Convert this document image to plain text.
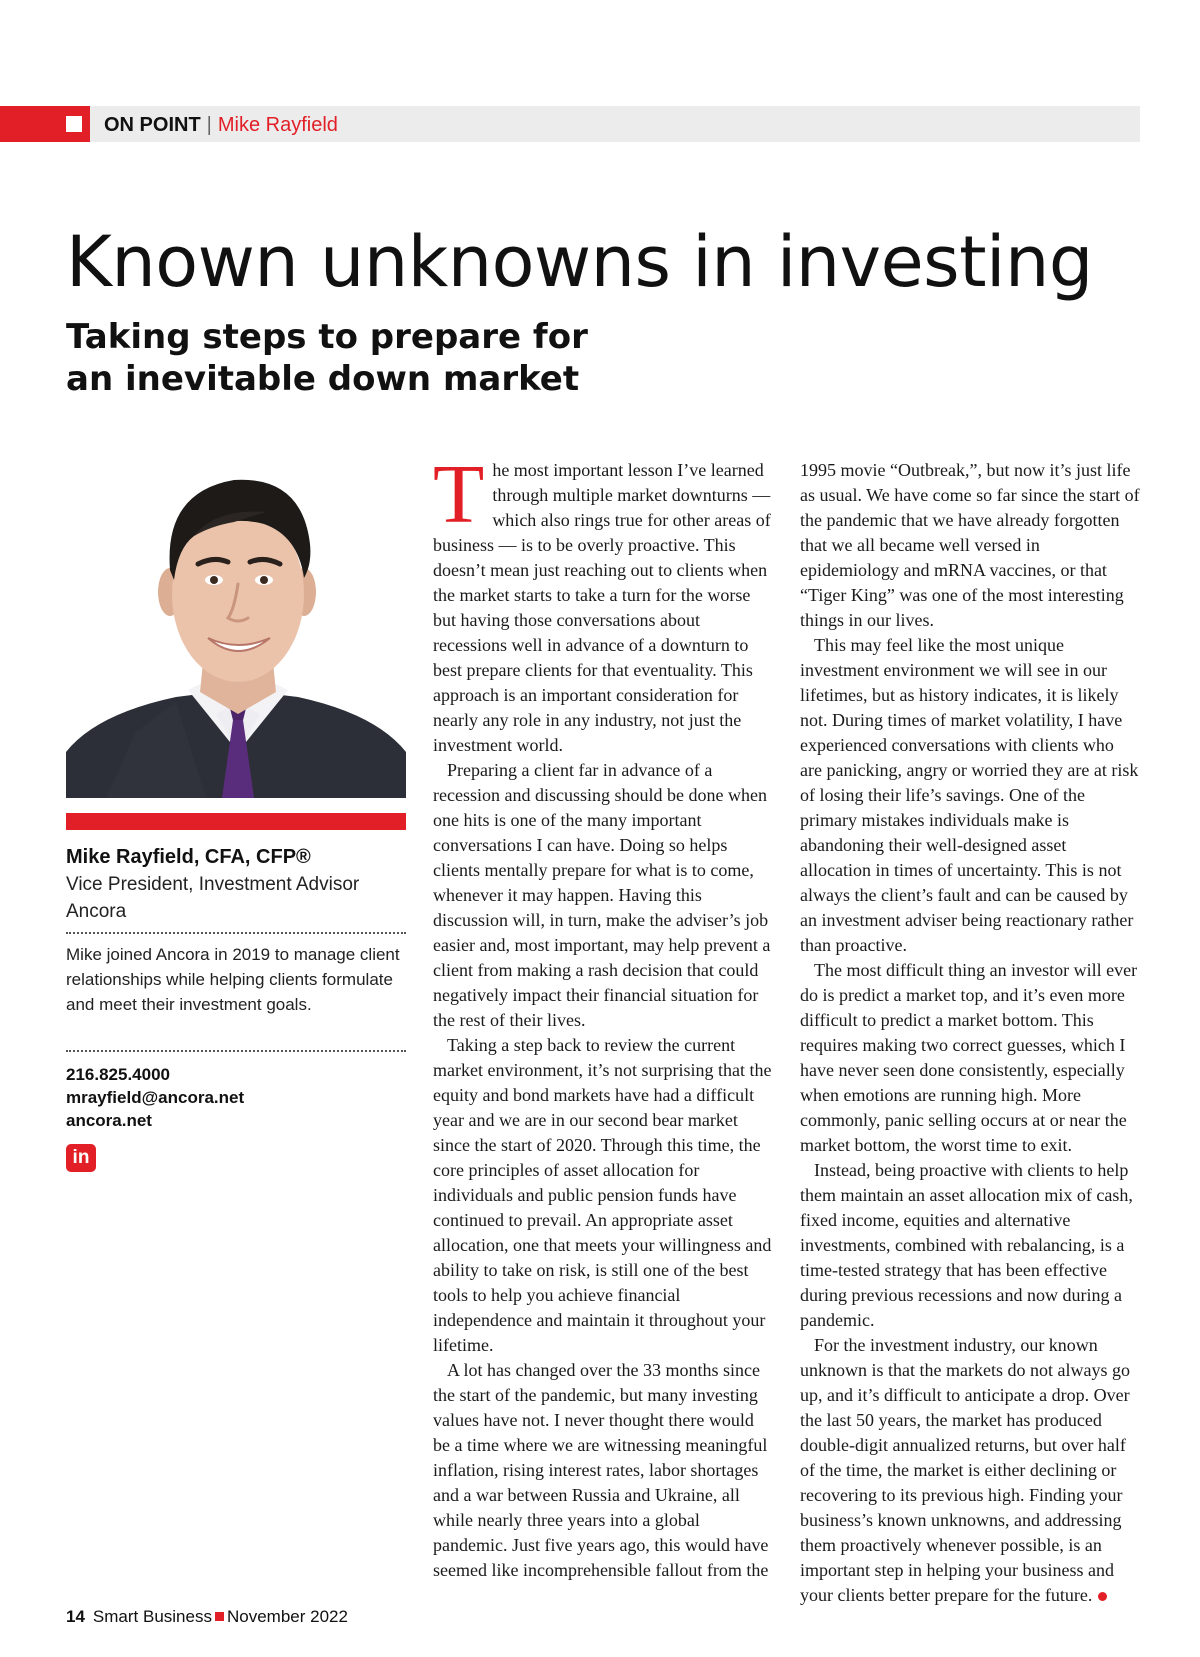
ON POINT | Mike Rayfield
Known unknowns in investing
Taking steps to prepare for an inevitable down market
Mike Rayfield, CFA, CFP®
Vice President, Investment Advisor
Ancora
Mike joined Ancora in 2019 to manage client relationships while helping clients formulate and meet their investment goals.
216.825.4000
mrayfield@ancora.net
ancora.net
in

The most important lesson I’ve learned through multiple market downturns — which also rings true for other areas of business — is to be overly proactive. This doesn’t mean just reaching out to clients when the market starts to take a turn for the worse but having those conversations about recessions well in advance of a downturn to best prepare clients for that eventuality. This approach is an important consideration for nearly any role in any industry, not just the investment world.

Preparing a client far in advance of a recession and discussing should be done when one hits is one of the many important conversations I can have. Doing so helps clients mentally prepare for what is to come, whenever it may happen. Having this discussion will, in turn, make the adviser’s job easier and, most important, may help prevent a client from making a rash decision that could negatively impact their financial situation for the rest of their lives.

Taking a step back to review the current market environment, it’s not surprising that the equity and bond markets have had a difficult year and we are in our second bear market since the start of 2020. Through this time, the core principles of asset allocation for individuals and public pension funds have continued to prevail. An appropriate asset allocation, one that meets your willingness and ability to take on risk, is still one of the best tools to help you achieve financial independence and maintain it throughout your lifetime.

A lot has changed over the 33 months since the start of the pandemic, but many investing values have not. I never thought there would be a time where we are witnessing meaningful inflation, rising interest rates, labor shortages and a war between Russia and Ukraine, all while nearly three years into a global pandemic. Just five years ago, this would have seemed like incomprehensible fallout from the

1995 movie “Outbreak,”, but now it’s just life as usual. We have come so far since the start of the pandemic that we have already forgotten that we all became well versed in epidemiology and mRNA vaccines, or that “Tiger King” was one of the most interesting things in our lives.

This may feel like the most unique investment environment we will see in our lifetimes, but as history indicates, it is likely not. During times of market volatility, I have experienced conversations with clients who are panicking, angry or worried they are at risk of losing their life’s savings. One of the primary mistakes individuals make is abandoning their well-designed asset allocation in times of uncertainty. This is not always the client’s fault and can be caused by an investment adviser being reactionary rather than proactive.

The most difficult thing an investor will ever do is predict a market top, and it’s even more difficult to predict a market bottom. This requires making two correct guesses, which I have never seen done consistently, especially when emotions are running high. More commonly, panic selling occurs at or near the market bottom, the worst time to exit.

Instead, being proactive with clients to help them maintain an asset allocation mix of cash, fixed income, equities and alternative investments, combined with rebalancing, is a time-tested strategy that has been effective during previous recessions and now during a pandemic.

For the investment industry, our known unknown is that the markets do not always go up, and it’s difficult to anticipate a drop. Over the last 50 years, the market has produced double-digit annualized returns, but over half of the time, the market is either declining or recovering to its previous high. Finding your business’s known unknowns, and addressing them proactively whenever possible, is an important step in helping your business and your clients better prepare for the future.

14 Smart Business November 2022
